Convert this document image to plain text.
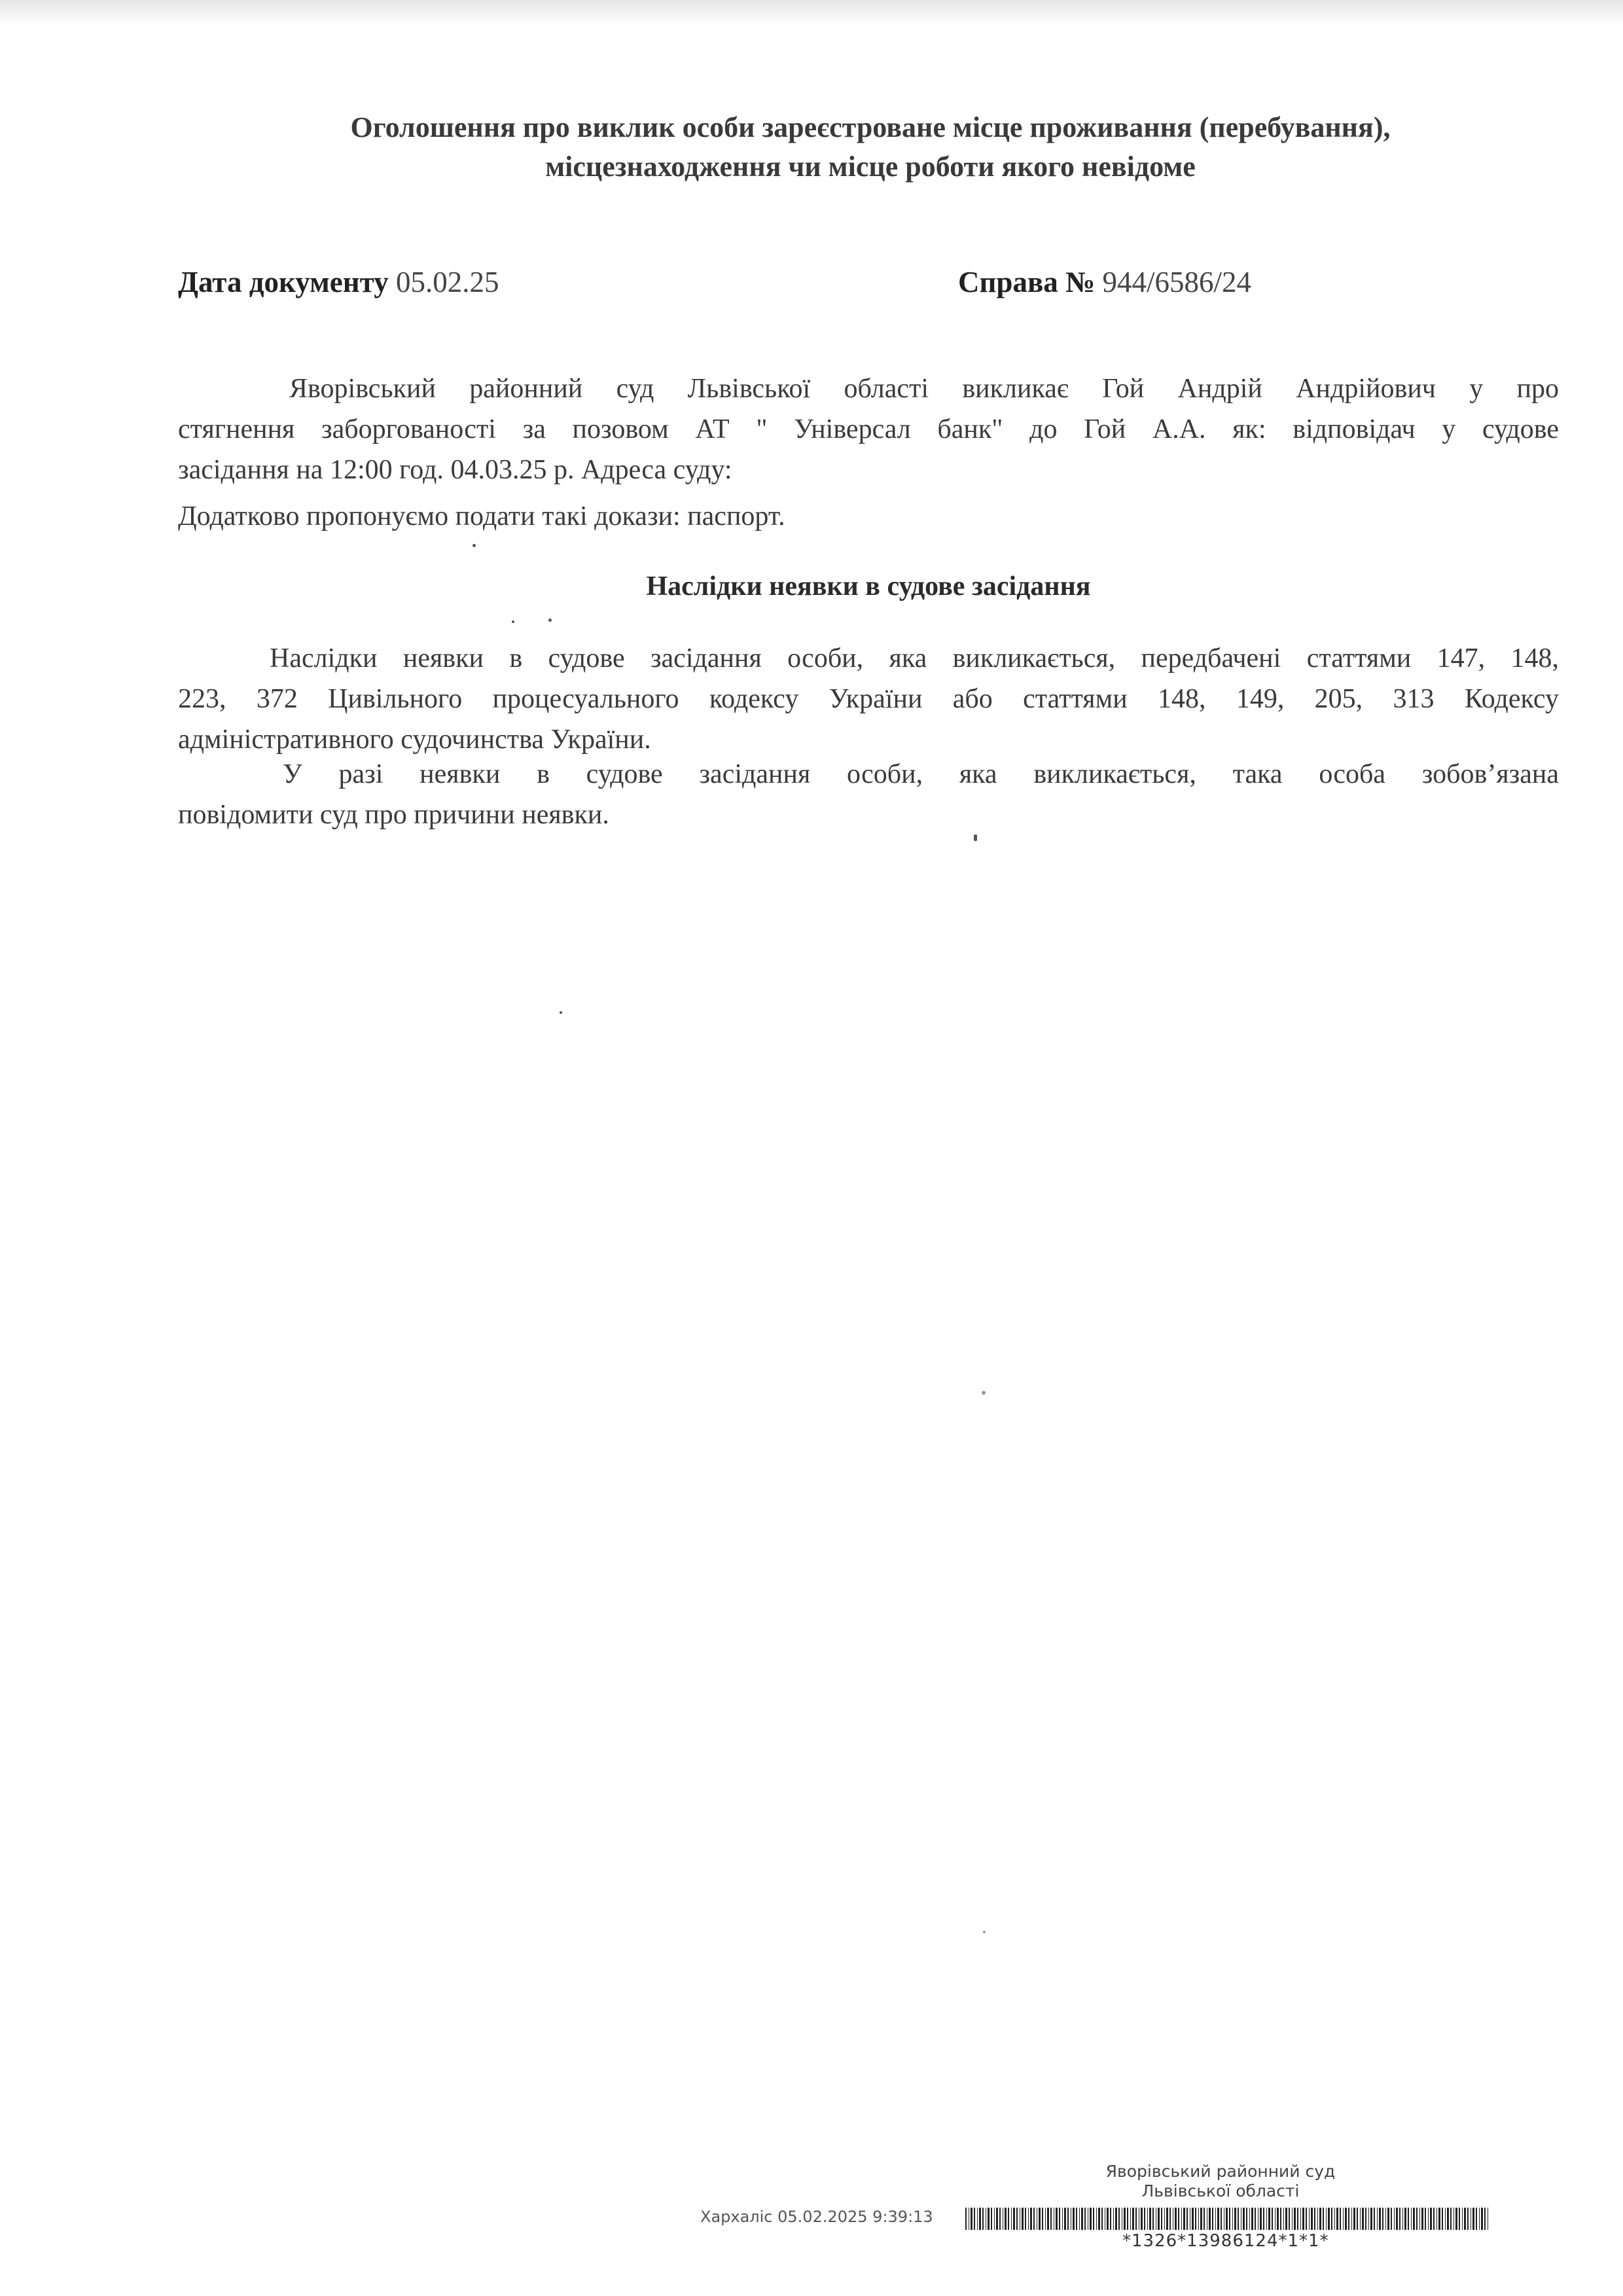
Оголошення про виклик особи зареєстроване місце проживання (перебування),
місцезнаходження чи місце роботи якого невідоме
Дата документу 05.02.25	Справа № 944/6586/24
Яворівський районний суд Львівської області викликає Гой Андрій Андрійович у про
стягнення заборгованості за позовом АТ " Універсал банк" до Гой А.А. як: відповідач у судове
засідання на 12:00 год. 04.03.25 р. Адреса суду:
Додатково пропонуємо подати такі докази: паспорт.
Наслідки неявки в судове засідання
Наслідки неявки в судове засідання особи, яка викликається, передбачені статтями 147, 148,
223, 372 Цивільного процесуального кодексу України або статтями 148, 149, 205, 313 Кодексу
адміністративного судочинства України.
У разі неявки в судове засідання особи, яка викликається, така особа зобов’язана
повідомити суд про причини неявки.
Яворівський районний суд
Львівської області
Хархаліс 05.02.2025 9:39:13
*1326*13986124*1*1*
